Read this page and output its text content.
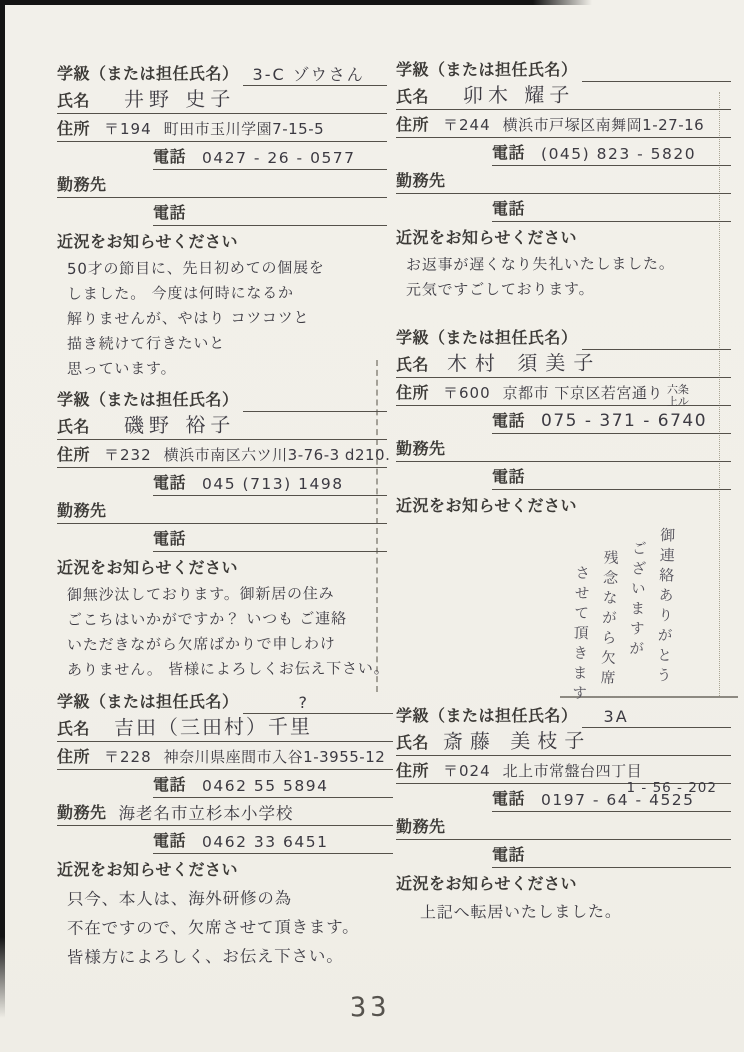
学級（または担任氏名） 3-C ゾウさん
氏名 井野 史子
住所 〒194 町田市玉川学園7-15-5
電話 0427 - 26 - 0577
勤務先
電話
近況をお知らせください
50才の節目に、先日初めての個展を
しました。 今度は何時になるか
解りませんが、やはり コツコツと
描き続けて行きたいと
思っています。
学級（または担任氏名）
氏名 磯野 裕子
住所 〒232 横浜市南区六ツ川3-76-3 d210.
電話 045 (713) 1498
勤務先
電話
近況をお知らせください
御無沙汰しております。御新居の住み
ごこちはいかがですか？ いつも ご連絡
いただきながら欠席ばかりで申しわけ
ありません。 皆様によろしくお伝え下さい。
学級（または担任氏名）	?
氏名 吉田（三田村）千里
住所 〒228 神奈川県座間市入谷1-3955-12
電話 0462 55 5894
勤務先 海老名市立杉本小学校
電話 0462 33 6451
近況をお知らせください
只今、本人は、海外研修の為
不在ですので、欠席させて頂きます。
皆様方によろしく、お伝え下さい。
学級（または担任氏名）
氏名 卯木 耀子
住所 〒244 横浜市戸塚区南舞岡1-27-16
電話 (045) 823 - 5820
勤務先
電話
近況をお知らせください
お返事が遅くなり失礼いたしました。
元気ですごしております。
学級（または担任氏名）
氏名 木村 須美子
住所 〒600 京都市 下京区若宮通り 六条
上ル
電話 075 - 371 - 6740
勤務先
電話
近況をお知らせください
御連絡ありがとう
ございますが
残念ながら欠席
させて頂きます
学級（または担任氏名）	3A
氏名 斎藤 美枝子
住所 〒024 北上市常盤台四丁目
1 - 56 - 202
電話 0197 - 64 - 4525
勤務先
電話
近況をお知らせください
上記へ転居いたしました。
33
